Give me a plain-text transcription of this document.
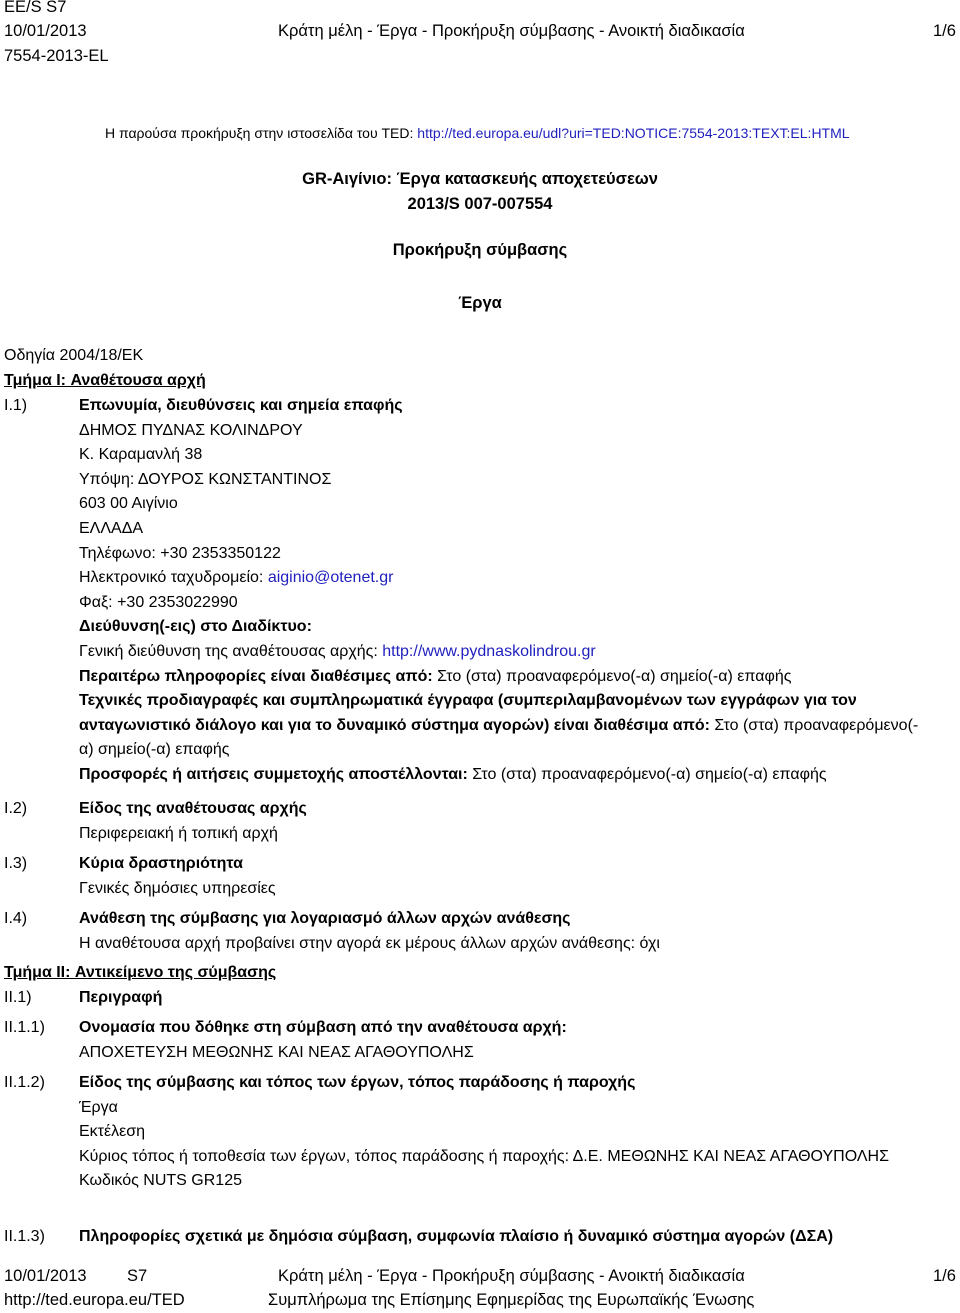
EE/S S7
10/01/2013
7554-2013-EL
Κράτη μέλη - Έργα - Προκήρυξη σύμβασης - Ανοικτή διαδικασία	1/6
Η παρούσα προκήρυξη στην ιστοσελίδα του TED: http://ted.europa.eu/udl?uri=TED:NOTICE:7554-2013:TEXT:EL:HTML
GR-Αιγίνιο: Έργα κατασκευής αποχετεύσεων
2013/S 007-007554
Προκήρυξη σύμβασης
Έργα
Οδηγία 2004/18/ΕΚ
Τμήμα I: Αναθέτουσα αρχή
I.1)	Επωνυμία, διευθύνσεις και σημεία επαφής
ΔΗΜΟΣ ΠΥΔΝΑΣ ΚΟΛΙΝΔΡΟΥ
Κ. Καραμανλή 38
Υπόψη: ΔΟΥΡΟΣ ΚΩΝΣΤΑΝΤΙΝΟΣ
603 00 Αιγίνιο
ΕΛΛΑΔΑ
Τηλέφωνο: +30 2353350122
Ηλεκτρονικό ταχυδρομείο: aiginio@otenet.gr
Φαξ: +30 2353022990
Διεύθυνση(-εις) στο Διαδίκτυο:
Γενική διεύθυνση της αναθέτουσας αρχής: http://www.pydnaskolindrou.gr
Περαιτέρω πληροφορίες είναι διαθέσιμες από: Στο (στα) προαναφερόμενο(-α) σημείο(-α) επαφής
Τεχνικές προδιαγραφές και συμπληρωματικά έγγραφα (συμπεριλαμβανομένων των εγγράφων για τον ανταγωνιστικό διάλογο και για το δυναμικό σύστημα αγορών) είναι διαθέσιμα από: Στο (στα) προαναφερόμενο(-α) σημείο(-α) επαφής
Προσφορές ή αιτήσεις συμμετοχής αποστέλλονται: Στο (στα) προαναφερόμενο(-α) σημείο(-α) επαφής
I.2)	Είδος της αναθέτουσας αρχής
Περιφερειακή ή τοπική αρχή
I.3)	Κύρια δραστηριότητα
Γενικές δημόσιες υπηρεσίες
I.4)	Ανάθεση της σύμβασης για λογαριασμό άλλων αρχών ανάθεσης
Η αναθέτουσα αρχή προβαίνει στην αγορά εκ μέρους άλλων αρχών ανάθεσης: όχι
Τμήμα II: Αντικείμενο της σύμβασης
II.1)	Περιγραφή
II.1.1) Ονομασία που δόθηκε στη σύμβαση από την αναθέτουσα αρχή:
ΑΠΟΧΕΤΕΥΣΗ ΜΕΘΩΝΗΣ ΚΑΙ ΝΕΑΣ ΑΓΑΘΟΥΠΟΛΗΣ
II.1.2) Είδος της σύμβασης και τόπος των έργων, τόπος παράδοσης ή παροχής
Έργα
Εκτέλεση
Κύριος τόπος ή τοποθεσία των έργων, τόπος παράδοσης ή παροχής: Δ.Ε. ΜΕΘΩΝΗΣ ΚΑΙ ΝΕΑΣ ΑΓΑΘΟΥΠΟΛΗΣ
Κωδικός NUTS GR125
II.1.3) Πληροφορίες σχετικά με δημόσια σύμβαση, συμφωνία πλαίσιο ή δυναμικό σύστημα αγορών (ΔΣΑ)
10/01/2013 S7
http://ted.europa.eu/TED
Κράτη μέλη - Έργα - Προκήρυξη σύμβασης - Ανοικτή διαδικασία
Συμπλήρωμα της Επίσημης Εφημερίδας της Ευρωπαϊκής Ένωσης
1/6
